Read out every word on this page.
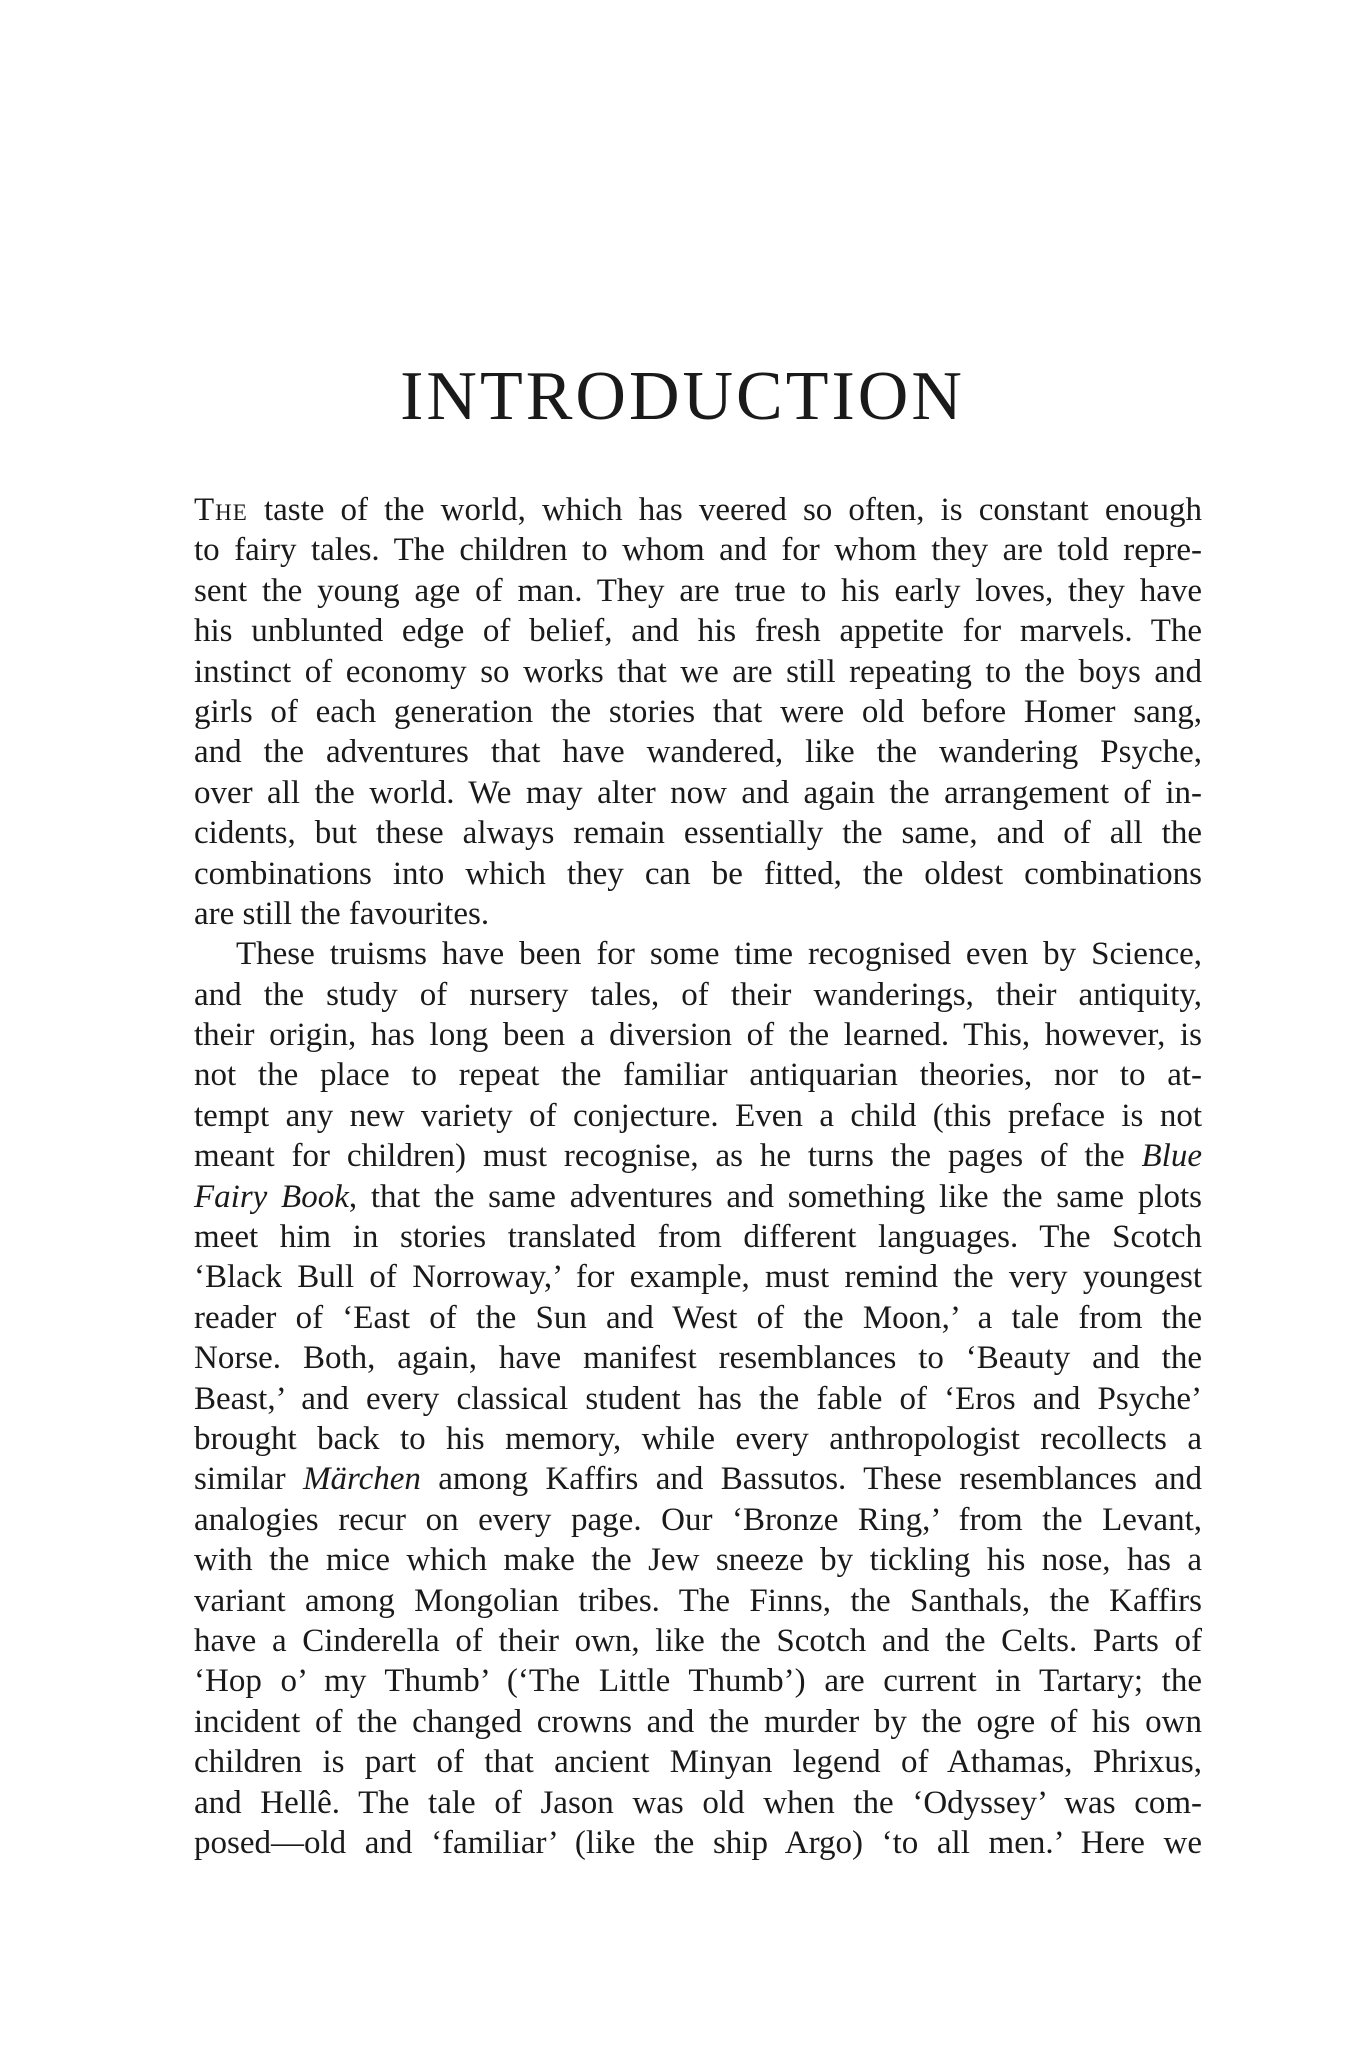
INTRODUCTION
The taste of the world, which has veered so often, is constant enough
to fairy tales. The children to whom and for whom they are told repre-
sent the young age of man. They are true to his early loves, they have
his unblunted edge of belief, and his fresh appetite for marvels. The
instinct of economy so works that we are still repeating to the boys and
girls of each generation the stories that were old before Homer sang,
and the adventures that have wandered, like the wandering Psyche,
over all the world. We may alter now and again the arrangement of in-
cidents, but these always remain essentially the same, and of all the
combinations into which they can be fitted, the oldest combinations
are still the favourites.
These truisms have been for some time recognised even by Science,
and the study of nursery tales, of their wanderings, their antiquity,
their origin, has long been a diversion of the learned. This, however, is
not the place to repeat the familiar antiquarian theories, nor to at-
tempt any new variety of conjecture. Even a child (this preface is not
meant for children) must recognise, as he turns the pages of the Blue
Fairy Book, that the same adventures and something like the same plots
meet him in stories translated from different languages. The Scotch
‘Black Bull of Norroway,’ for example, must remind the very youngest
reader of ‘East of the Sun and West of the Moon,’ a tale from the
Norse. Both, again, have manifest resemblances to ‘Beauty and the
Beast,’ and every classical student has the fable of ‘Eros and Psyche’
brought back to his memory, while every anthropologist recollects a
similar Märchen among Kaffirs and Bassutos. These resemblances and
analogies recur on every page. Our ‘Bronze Ring,’ from the Levant,
with the mice which make the Jew sneeze by tickling his nose, has a
variant among Mongolian tribes. The Finns, the Santhals, the Kaffirs
have a Cinderella of their own, like the Scotch and the Celts. Parts of
‘Hop o’ my Thumb’ (‘The Little Thumb’) are current in Tartary; the
incident of the changed crowns and the murder by the ogre of his own
children is part of that ancient Minyan legend of Athamas, Phrixus,
and Hellê. The tale of Jason was old when the ‘Odyssey’ was com-
posed—old and ‘familiar’ (like the ship Argo) ‘to all men.’ Here we
